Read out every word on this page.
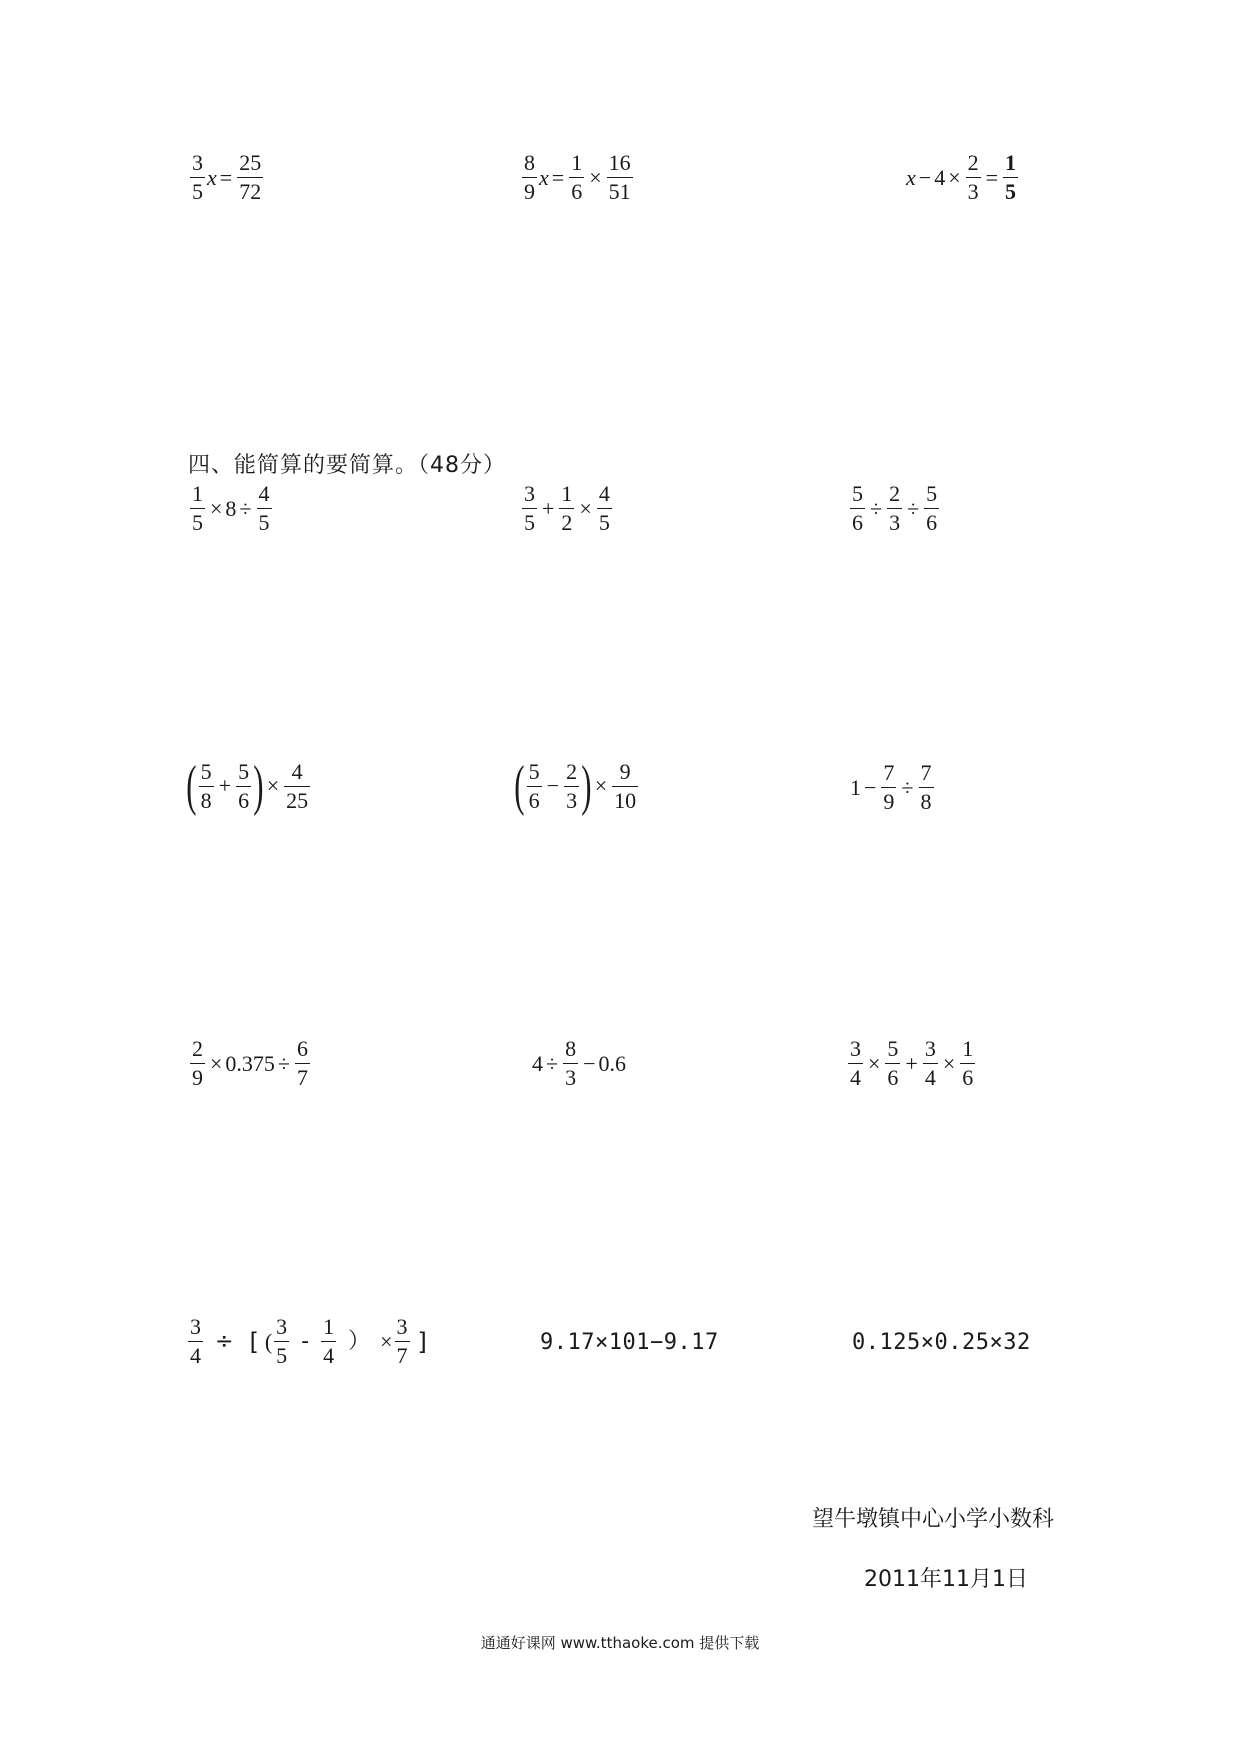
$\frac{3}{5}$ $x = \frac{25}{72}$	$\frac{8}{9}$ $x = \frac{1}{6} \times \frac{16}{51}$	$x - 4 \times \frac{2}{3} = \frac{1}{5}$
四、能简算的要简算。（48分）
$\frac{1}{5} \times 8 \div \frac{4}{5}$	$\frac{3}{5} + \frac{1}{2} \times \frac{4}{5}$	$\frac{5}{6} \div \frac{2}{3} \div \frac{5}{6}$
( $\frac{5}{8} + \frac{5}{6}$ ) × $\frac{4}{25}$	( $\frac{5}{6} - \frac{2}{3}$ ) × $\frac{9}{10}$	$1 - \frac{7}{9} \div \frac{7}{8}$
$\frac{2}{9} \times 0.375 \div \frac{6}{7}$	$4 \div \frac{8}{3} - 0.6$	$\frac{3}{4} \times \frac{5}{6} + \frac{3}{4} \times \frac{1}{6}$
$\frac{3}{4}$ ÷ [ ( $\frac{3}{5} - \frac{1}{4}$ ） × $\frac{3}{7}$ ]	9.17×101−9.17	0.125×0.25×32
望牛墩镇中心小学小数科
2011年11月1日
通通好课网 www.tthaoke.com 提供下载
